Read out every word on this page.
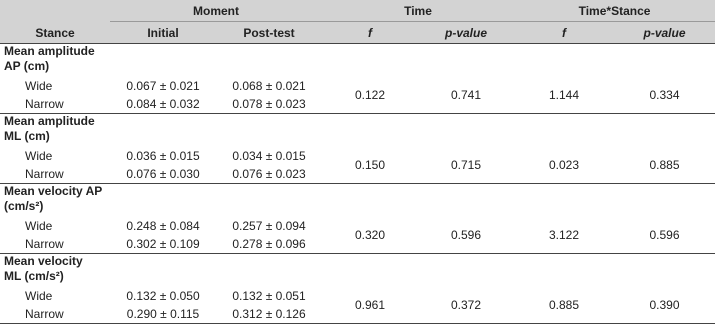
Stance	Moment		Time		Time*Stance	
	Initial	Post-test	f	p-value	f	p-value
Mean amplitude
AP (cm)						
Wide	0.067 ± 0.021	0.068 ± 0.021	0.122	0.741	1.144	0.334
Narrow	0.084 ± 0.032	0.078 ± 0.023				
Mean amplitude
ML (cm)						
Wide	0.036 ± 0.015	0.034 ± 0.015	0.150	0.715	0.023	0.885
Narrow	0.076 ± 0.030	0.076 ± 0.023				
Mean velocity AP
(cm/s²)						
Wide	0.248 ± 0.084	0.257 ± 0.094	0.320	0.596	3.122	0.596
Narrow	0.302 ± 0.109	0.278 ± 0.096				
Mean velocity
ML (cm/s²)						
Wide	0.132 ± 0.050	0.132 ± 0.051	0.961	0.372	0.885	0.390
Narrow	0.290 ± 0.115	0.312 ± 0.126				
